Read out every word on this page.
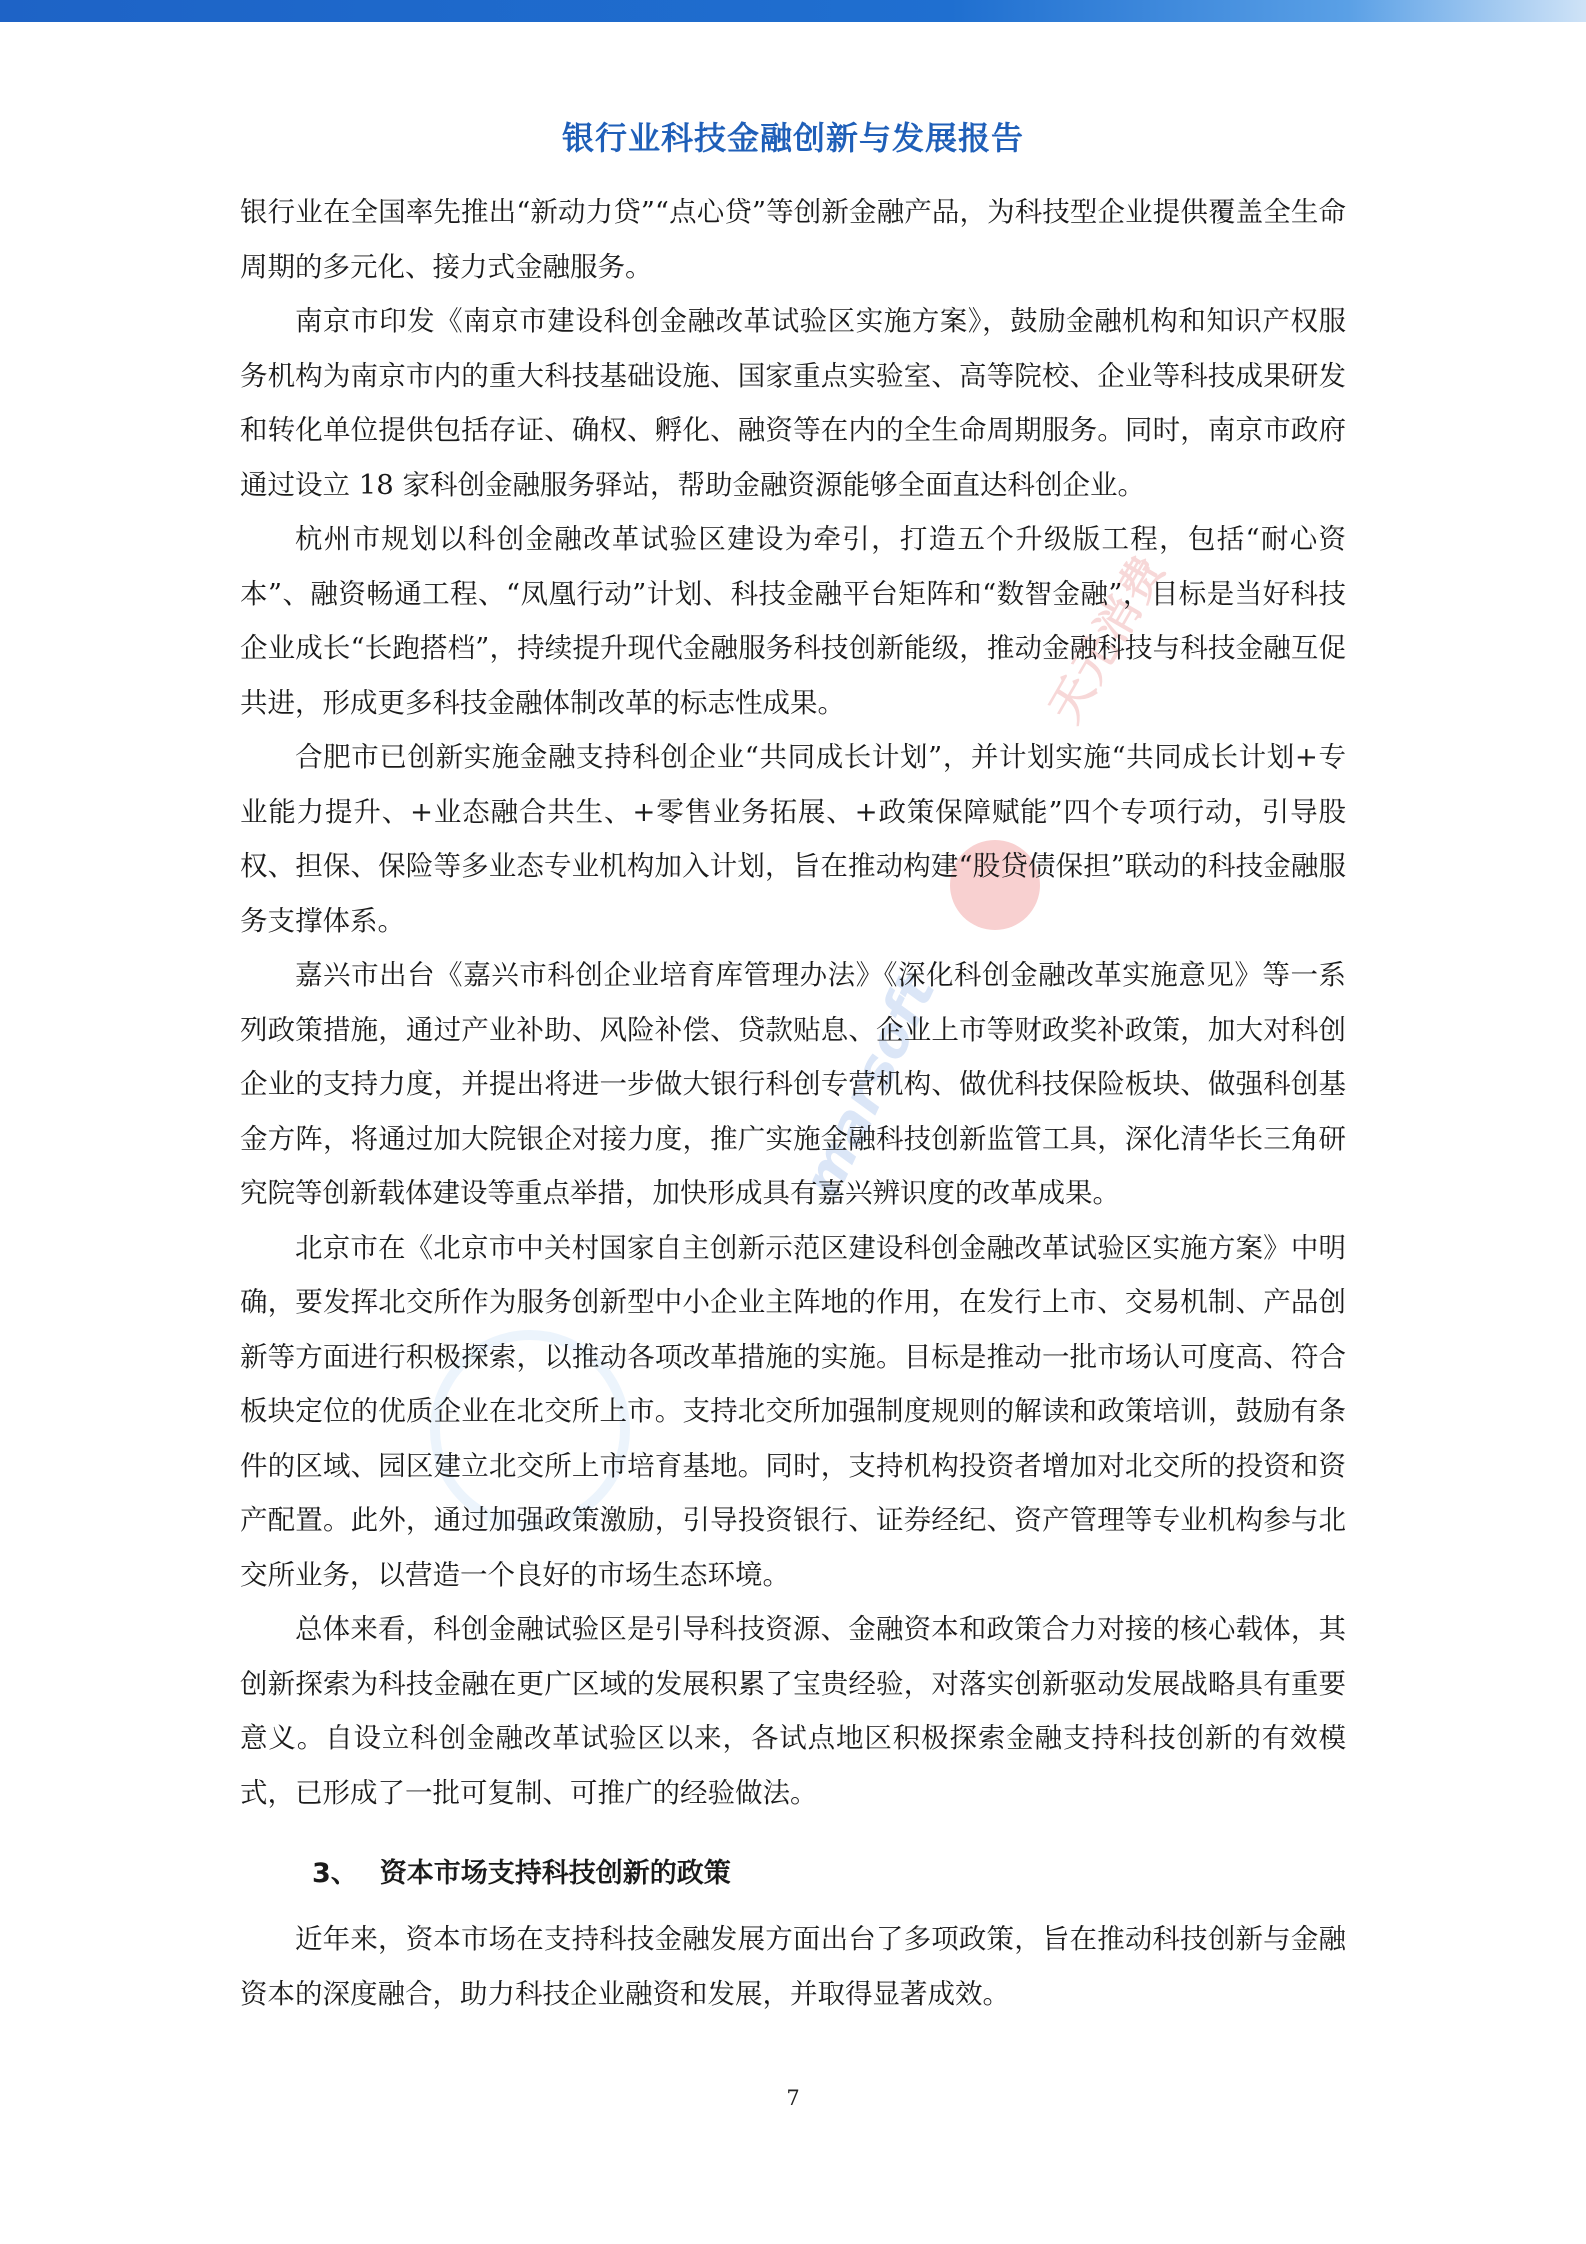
银行业科技金融创新与发展报告
天元消费
marsoft

银行业在全国率先推出“新动力贷”“点心贷”等创新金融产品，为科技型企业提供覆盖全生命周期的多元化、接力式金融服务。

南京市印发《南京市建设科创金融改革试验区实施方案》，鼓励金融机构和知识产权服务机构为南京市内的重大科技基础设施、国家重点实验室、高等院校、企业等科技成果研发和转化单位提供包括存证、确权、孵化、融资等在内的全生命周期服务。同时，南京市政府通过设立 18 家科创金融服务驿站，帮助金融资源能够全面直达科创企业。

杭州市规划以科创金融改革试验区建设为牵引，打造五个升级版工程，包括“耐心资本”、融资畅通工程、“凤凰行动”计划、科技金融平台矩阵和“数智金融”，目标是当好科技企业成长“长跑搭档”，持续提升现代金融服务科技创新能级，推动金融科技与科技金融互促共进，形成更多科技金融体制改革的标志性成果。

合肥市已创新实施金融支持科创企业“共同成长计划”，并计划实施“共同成长计划+专业能力提升、+业态融合共生、+零售业务拓展、+政策保障赋能”四个专项行动，引导股权、担保、保险等多业态专业机构加入计划，旨在推动构建“股贷债保担”联动的科技金融服务支撑体系。

嘉兴市出台《嘉兴市科创企业培育库管理办法》《深化科创金融改革实施意见》等一系列政策措施，通过产业补助、风险补偿、贷款贴息、企业上市等财政奖补政策，加大对科创企业的支持力度，并提出将进一步做大银行科创专营机构、做优科技保险板块、做强科创基金方阵，将通过加大院银企对接力度，推广实施金融科技创新监管工具，深化清华长三角研究院等创新载体建设等重点举措，加快形成具有嘉兴辨识度的改革成果。

北京市在《北京市中关村国家自主创新示范区建设科创金融改革试验区实施方案》中明确，要发挥北交所作为服务创新型中小企业主阵地的作用，在发行上市、交易机制、产品创新等方面进行积极探索，以推动各项改革措施的实施。目标是推动一批市场认可度高、符合板块定位的优质企业在北交所上市。支持北交所加强制度规则的解读和政策培训，鼓励有条件的区域、园区建立北交所上市培育基地。同时，支持机构投资者增加对北交所的投资和资产配置。此外，通过加强政策激励，引导投资银行、证券经纪、资产管理等专业机构参与北交所业务，以营造一个良好的市场生态环境。

总体来看，科创金融试验区是引导科技资源、金融资本和政策合力对接的核心载体，其创新探索为科技金融在更广区域的发展积累了宝贵经验，对落实创新驱动发展战略具有重要意义。自设立科创金融改革试验区以来，各试点地区积极探索金融支持科技创新的有效模式，已形成了一批可复制、可推广的经验做法。

3、 资本市场支持科技创新的政策

近年来，资本市场在支持科技金融发展方面出台了多项政策，旨在推动科技创新与金融资本的深度融合，助力科技企业融资和发展，并取得显著成效。

7
